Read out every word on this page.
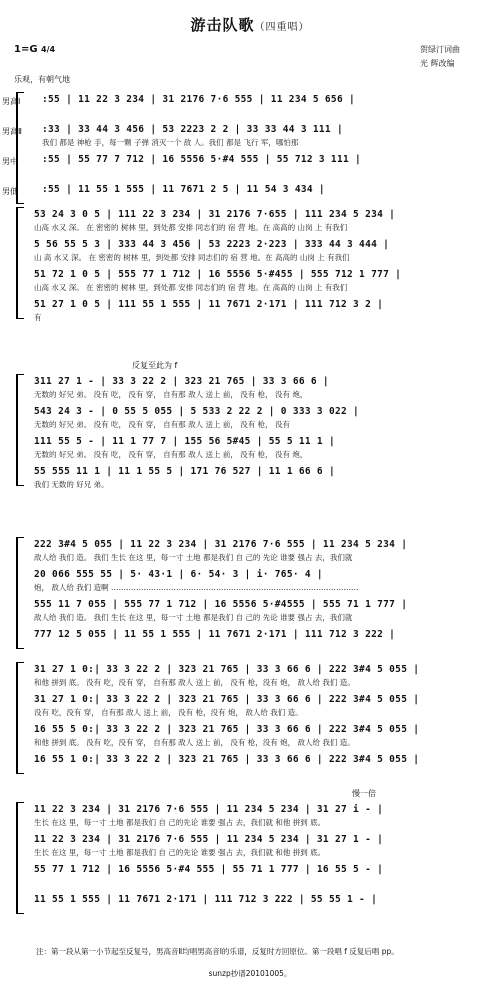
游击队歌（四重唱）
1=G 4/4	贺绿汀词曲
光 辉改编
乐观，有朝气地
男高Ⅰ :55 | 11 22 3 234 | 31 2176 7·6 555 | 11 234 5 656 |
男高Ⅱ :33 | 33 44 3 456 | 53 2223 2 2 | 33 33 44 3 111 |
我们 都是 神枪 手，每一颗 子弹 消灭一个 敌 人。我们 都是 飞行 军，哪怕那
男中	:55 | 55 77 7 712 | 16 5556 5·#4 555 | 55 712 3 111 |
男低	:55 | 11 55 1 555 | 11 7671 2 5 | 11 54 3 434 |
53 24 3 0 5 | 111 22 3 234 | 31 2176 7·655 | 111 234 5 234 |
山高 水又 深。 在 密密的 树林 里，到处都 安排 同志们的 宿 营 地。在 高高的 山岗 上 有我们
5 56 55 5 3 | 333 44 3 456 | 53 2223 2·223 | 333 44 3 444 |
山 高 水又 深。 在 密密的 树林 里，到处都 安排 同志们的 宿 营 地。在 高高的 山岗 上 有我们
51 72 1 0 5 | 555 77 1 712 | 16 5556 5·#455 | 555 712 1 777 |
山高 水又 深。 在 密密的 树林 里，到处都 安排 同志们的 宿 营 地。在 高高的 山岗 上 有我们
51 27 1 0 5 | 111 55 1 555 | 11 7671 2·171 | 111 712 3 2 |
有
反复至此为 f
311 27 1 - | 33 3 22 2 | 323 21 765 | 33 3 66 6 |
无数的 好兄 弟。 没有 吃， 没有 穿， 自有那 敌人 送上 前， 没有 枪， 没有 炮，
543 24 3 - | 0 55 5 055 | 5 533 2 22 2 | 0 333 3 022 |
无数的 好兄 弟。 没有 吃， 没有 穿， 自有那 敌人 送上 前， 没有 枪， 没有
111 55 5 - | 11 1 77 7 | 155 56 5#45 | 55 5 11 1 |
无数的 好兄 弟。 没有 吃， 没有 穿， 自有那 敌人 送上 前， 没有 枪， 没有 炮，
55 555 11 1 | 11 1 55 5 | 171 76 527 | 11 1 66 6 |
我们 无数的 好兄 弟。
222 3#4 5 055 | 11 22 3 234 | 31 2176 7·6 555 | 11 234 5 234 |
敌人给 我们 造。 我们 生长 在这 里，每一寸 土地 都是我们 自 己的 先论 谁要 强占 去，我们就
20 066 555 55 | 5· 43·1 | 6· 54· 3 | i· 765· 4 |
炮， 敌人给 我们 造啊 ………………………………………………………………………………………
555 11 7 055 | 555 77 1 712 | 16 5556 5·#4555 | 555 71 1 777 |
敌人给 我们 造。 我们 生长 在这 里，每一寸 土地 都是我们 自 己的 先论 谁要 强占 去，我们就
777 12 5 055 | 11 55 1 555 | 11 7671 2·171 | 111 712 3 222 |
31 27 1 0:| 33 3 22 2 | 323 21 765 | 33 3 66 6 | 222 3#4 5 055 |
和他 拼到 底。 没有 吃，没有 穿， 自有那 敌人 送上 前， 没有 枪，没有 炮， 敌人给 我们 造。
31 27 1 0:| 33 3 22 2 | 323 21 765 | 33 3 66 6 | 222 3#4 5 055 |
没有 吃，没有 穿， 自有那 敌人 送上 前， 没有 枪，没有 炮， 敌人给 我们 造。
16 55 5 0:| 33 3 22 2 | 323 21 765 | 33 3 66 6 | 222 3#4 5 055 |
和他 拼到 底。 没有 吃，没有 穿， 自有那 敌人 送上 前， 没有 枪，没有 炮， 敌人给 我们 造。
16 55 1 0:| 33 3 22 2 | 323 21 765 | 33 3 66 6 | 222 3#4 5 055 |
慢一倍
11 22 3 234 | 31 2176 7·6 555 | 11 234 5 234 | 31 27 i - |
生长 在这 里，每一寸 土地 都是我们 自 己的先论 谁要 强占 去，我们就 和他 拼到 底。
11 22 3 234 | 31 2176 7·6 555 | 11 234 5 234 | 31 27 1 - |
生长 在这 里，每一寸 土地 都是我们 自 己的先论 谁要 强占 去，我们就 和他 拼到 底。
55 77 1 712 | 16 5556 5·#4 555 | 55 71 1 777 | 16 55 5 - |
11 55 1 555 | 11 7671 2·171 | 111 712 3 222 | 55 55 1 - |
注：第一段从第一小节起至反复号，男高音Ⅱ均唱男高音Ⅰ的乐谱，反复时方回原位。第一段唱 f 反复后唱 pp。
sunzp抄谱20101005。
